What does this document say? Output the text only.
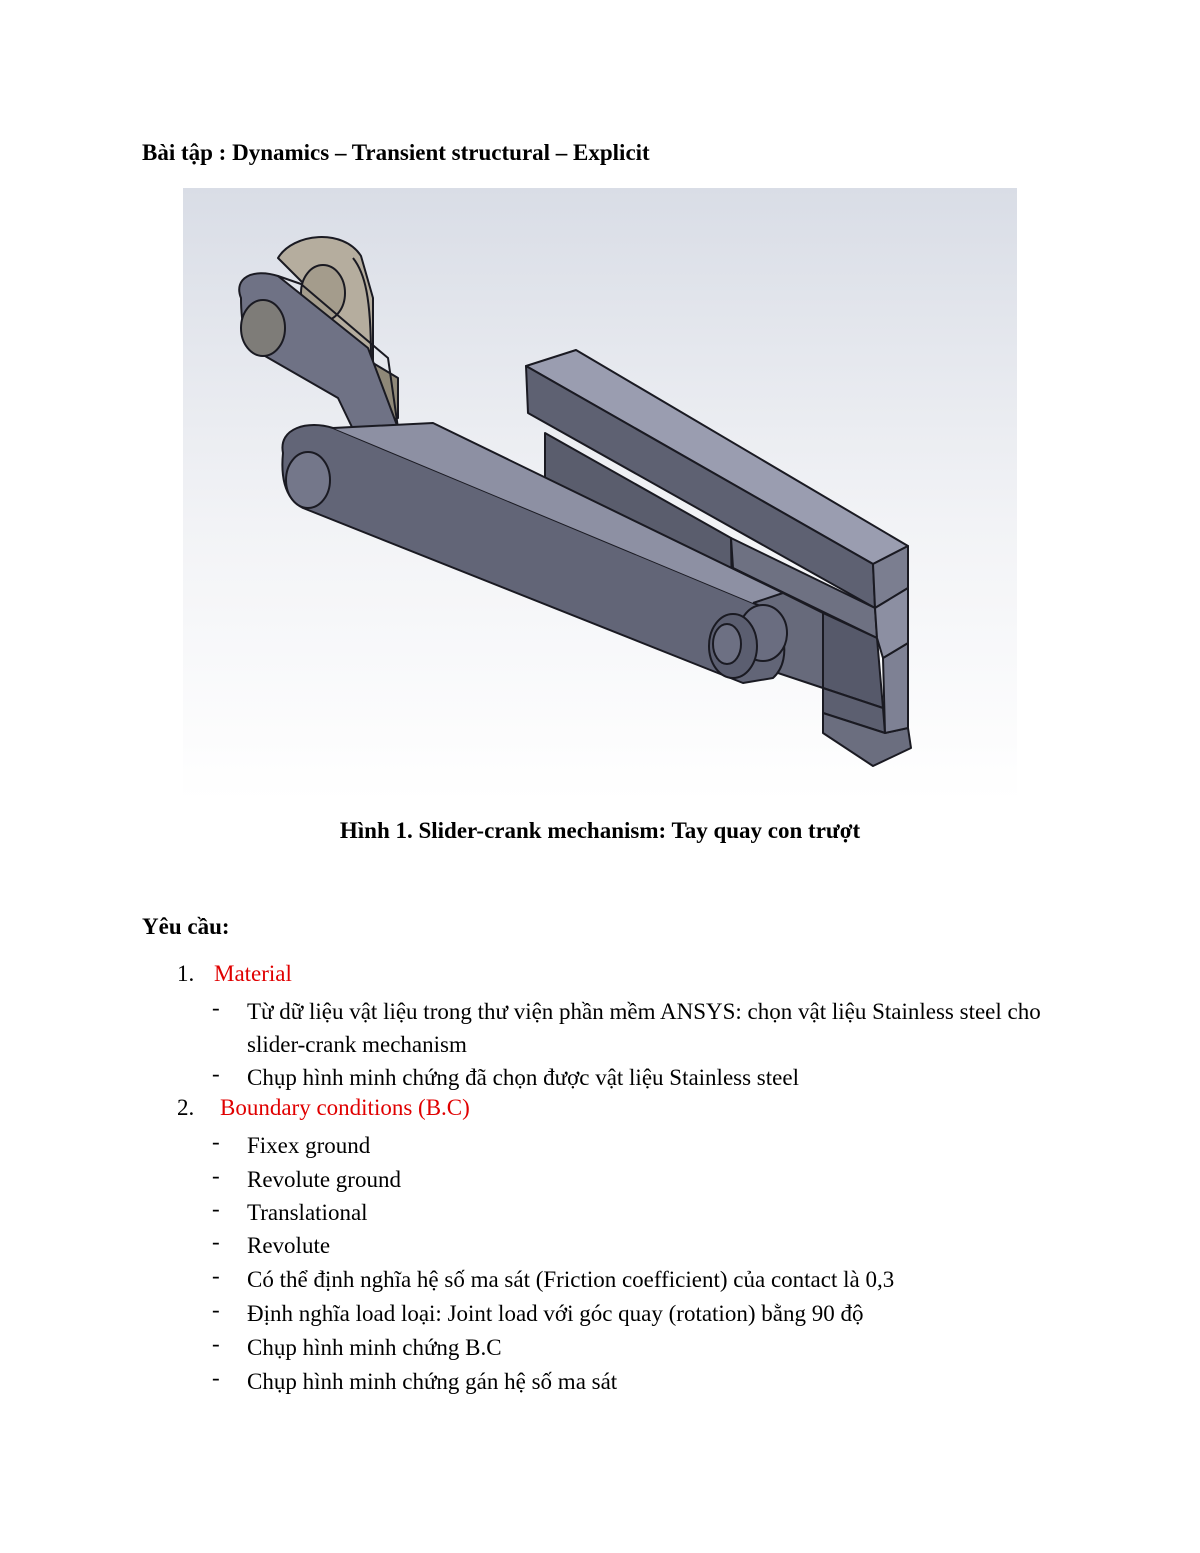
Bài tập : Dynamics – Transient structural – Explicit
Hình 1. Slider-crank mechanism: Tay quay con trượt
Yêu cầu:
1. Material
- Từ dữ liệu vật liệu trong thư viện phần mềm ANSYS: chọn vật liệu Stainless steel cho slider-crank mechanism
- Chụp hình minh chứng đã chọn được vật liệu Stainless steel
2. Boundary conditions (B.C)
- Fixex ground
- Revolute ground
- Translational
- Revolute
- Có thể định nghĩa hệ số ma sát (Friction coefficient) của contact là 0,3
- Định nghĩa load loại: Joint load với góc quay (rotation) bằng 90 độ
- Chụp hình minh chứng B.C
- Chụp hình minh chứng gán hệ số ma sát
